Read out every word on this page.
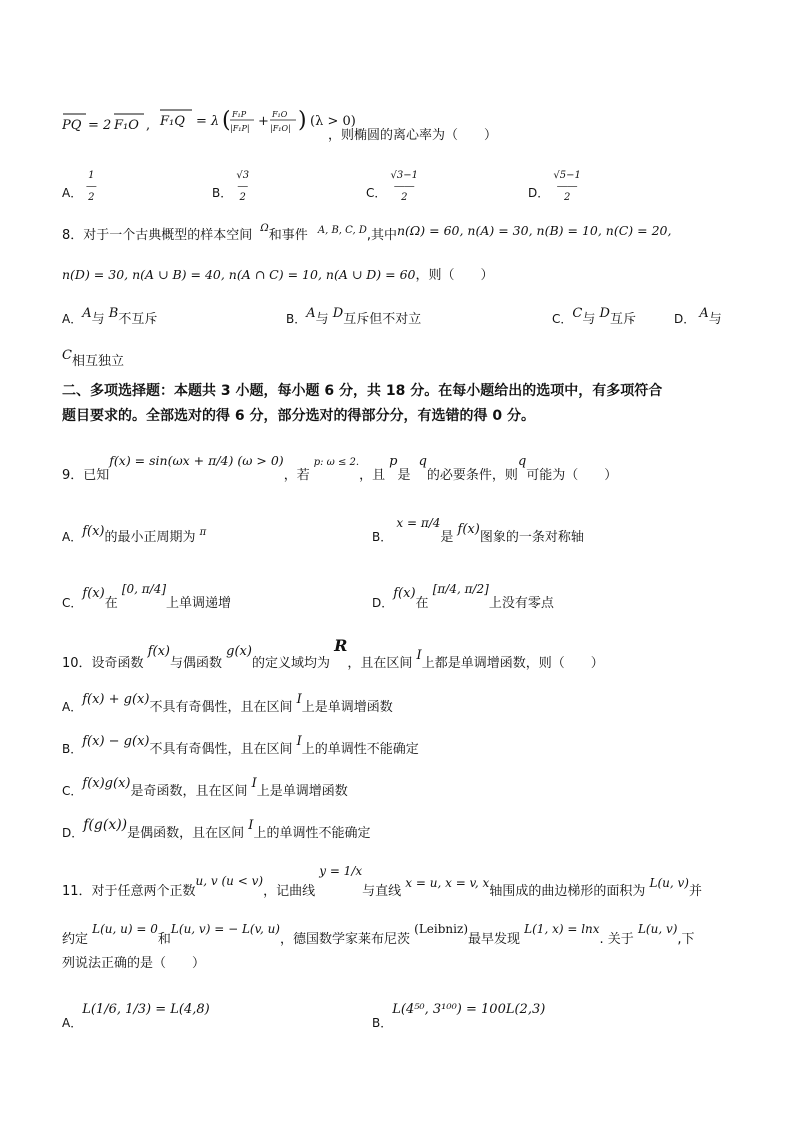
PQ = 2 F₁O , F₁Q = λ ( F₁P
|F₁P| + F₁O
|F₁O| ) (λ > 0)
，则椭圆的离心率为（　　）
A． 1
―
2	B． √3
―
2	C． √3−1
――
2	D． √5−1
――
2
8．对于一个古典概型的样本空间 $^\Omega$和事件 $^{A, B, C, D}$,其中n(Ω) = 60, n(A) = 30, n(B) = 10, n(C) = 20,
n(D) = 30, n(A ∪ B) = 40, n(A ∩ C) = 10, n(A ∪ D) = 60，则（　　）
A．A与 B不互斥	B．A与 D互斥但不对立	C．C与 D互斥	D． A与
C相互独立
二、多项选择题：本题共 3 小题，每小题 6 分，共 18 分。在每小题给出的选项中，有多项符合
题目要求的。全部选对的得 6 分，部分选对的得部分分，有选错的得 0 分。
9．已知f(x) = sin(ωx + π/4) (ω > 0)，若p: ω ≤ 2.，且p是 q的必要条件，则q可能为（　　）
A．f(x)的最小正周期为 π	B． x = π/4是 f(x)图象的一条对称轴
C．f(x)在 [0, π/4]上单调递增	D．f(x)在 [π/4, π/2]上没有零点
10．设奇函数 f(x)与偶函数 g(x)的定义域均为 R，且在区间 I上都是单调增函数，则（　　）
A．f(x) + g(x)不具有奇偶性，且在区间 I上是单调增函数
B．f(x) − g(x)不具有奇偶性，且在区间 I上的单调性不能确定
C．f(x)g(x)是奇函数，且在区间 I上是单调增函数
D．f(g(x))是偶函数，且在区间 I上的单调性不能确定
11．对于任意两个正数u, v (u < v)，记曲线 y = 1/x与直线 x = u, x = v, x轴围成的曲边梯形的面积为 L(u, v)并
约定 L(u, u) = 0和L(u, v) = − L(v, u)，德国数学家莱布尼茨 (Leibniz)最早发现 L(1, x) = lnx. 关于 L(u, v),下
列说法正确的是（　　）
A．L(1/6, 1/3) = L(4,8)
B．L(4⁵⁰, 3¹⁰⁰) = 100L(2,3)
